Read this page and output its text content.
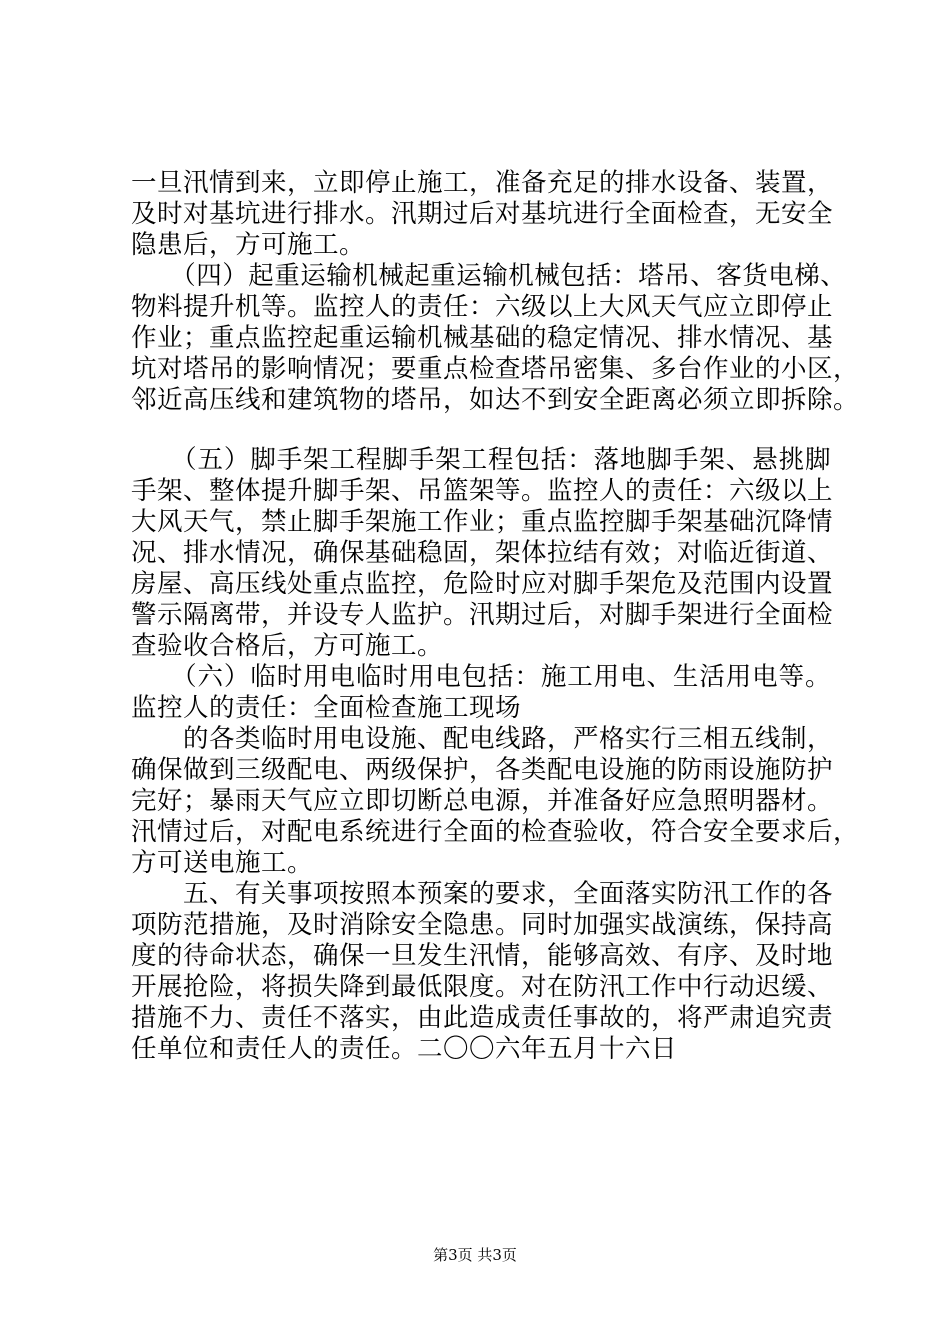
一旦汛情到来，立即停止施工，准备充足的排水设备、装置，
及时对基坑进行排水。汛期过后对基坑进行全面检查，无安全
隐患后，方可施工。
　　（四）起重运输机械起重运输机械包括：塔吊、客货电梯、
物料提升机等。监控人的责任：六级以上大风天气应立即停止
作业；重点监控起重运输机械基础的稳定情况、排水情况、基
坑对塔吊的影响情况；要重点检查塔吊密集、多台作业的小区，
邻近高压线和建筑物的塔吊，如达不到安全距离必须立即拆除。
　　（五）脚手架工程脚手架工程包括：落地脚手架、悬挑脚
手架、整体提升脚手架、吊篮架等。监控人的责任：六级以上
大风天气，禁止脚手架施工作业；重点监控脚手架基础沉降情
况、排水情况，确保基础稳固，架体拉结有效；对临近街道、
房屋、高压线处重点监控，危险时应对脚手架危及范围内设置
警示隔离带，并设专人监护。汛期过后，对脚手架进行全面检
查验收合格后，方可施工。
　　（六）临时用电临时用电包括：施工用电、生活用电等。
监控人的责任：全面检查施工现场
　　的各类临时用电设施、配电线路，严格实行三相五线制，
确保做到三级配电、两级保护，各类配电设施的防雨设施防护
完好；暴雨天气应立即切断总电源，并准备好应急照明器材。
汛情过后，对配电系统进行全面的检查验收，符合安全要求后，
方可送电施工。
　　五、有关事项按照本预案的要求，全面落实防汛工作的各
项防范措施，及时消除安全隐患。同时加强实战演练，保持高
度的待命状态，确保一旦发生汛情，能够高效、有序、及时地
开展抢险，将损失降到最低限度。对在防汛工作中行动迟缓、
措施不力、责任不落实，由此造成责任事故的，将严肃追究责
任单位和责任人的责任。二〇〇六年五月十六日
第3页 共3页
